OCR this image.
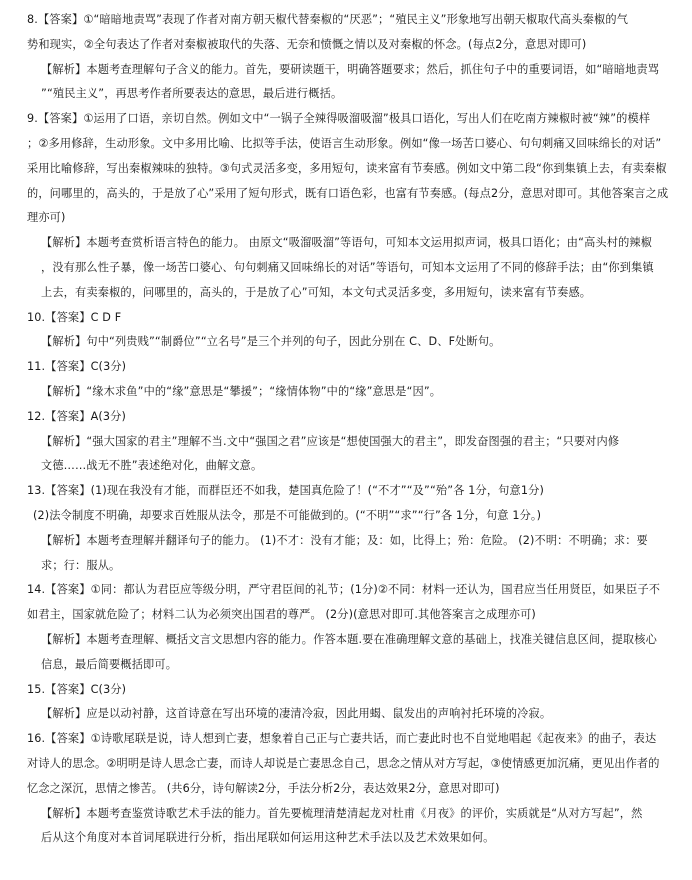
8.【答案】①“暗暗地责骂”表现了作者对南方朝天椒代替秦椒的“厌恶”；“殖民主义”形象地写出朝天椒取代高头秦椒的气
势和现实，②全句表达了作者对秦椒被取代的失落、无奈和愤慨之情以及对秦椒的怀念。(每点2分，意思对即可)
【解析】本题考查理解句子含义的能力。首先，要研读题干，明确答题要求；然后，抓住句子中的重要词语，如“暗暗地责骂
”“殖民主义”，再思考作者所要表达的意思，最后进行概括。
9.【答案】①运用了口语，亲切自然。例如文中“一锅子全辣得吸溜吸溜”极具口语化，写出人们在吃南方辣椒时被“辣”的模样
；②多用修辞，生动形象。文中多用比喻、比拟等手法，使语言生动形象。例如“像一场苦口婆心、句句刺痛又回味绵长的对话”
采用比喻修辞，写出秦椒辣味的独特。③句式灵活多变，多用短句，读来富有节奏感。例如文中第二段“你到集镇上去，有卖秦椒
的，问哪里的，高头的，于是放了心”采用了短句形式，既有口语色彩，也富有节奏感。(每点2分，意思对即可。其他答案言之成
理亦可)
【解析】本题考查赏析语言特色的能力。 由原文“吸溜吸溜”等语句，可知本文运用拟声词，极具口语化；由“高头村的辣椒
，没有那么性子暴，像一场苦口婆心、句句刺痛又回味绵长的对话”等语句，可知本文运用了不同的修辞手法；由“你到集镇
上去，有卖秦椒的，问哪里的，高头的，于是放了心”可知，本文句式灵活多变，多用短句，读来富有节奏感。
10.【答案】C D F
【解析】句中“列贵贱”“制爵位”“立名号”是三个并列的句子，因此分别在 C、D、F处断句。
11.【答案】C(3分)
【解析】“缘木求鱼”中的“缘”意思是“攀援”；“缘情体物”中的“缘”意思是“因”。
12.【答案】A(3分)
【解析】“强大国家的君主”理解不当.文中“强国之君”应该是“想使国强大的君主”，即发奋图强的君主；“只要对内修
文德……战无不胜”表述绝对化，曲解文意。
13.【答案】(1)现在我没有才能，而群臣还不如我，楚国真危险了！(“不才”“及”“殆”各 1分，句意1分)
(2)法令制度不明确，却要求百姓服从法令，那是不可能做到的。(“不明”“求”“行”各 1分，句意 1分。)
【解析】本题考查理解并翻译句子的能力。 (1)不才：没有才能；及：如，比得上；殆：危险。 (2)不明：不明确；求：要
求；行：服从。
14.【答案】①同：都认为君臣应等级分明，严守君臣间的礼节；(1分)②不同：材料一还认为，国君应当任用贤臣，如果臣子不
如君主，国家就危险了；材料二认为必须突出国君的尊严。 (2分)(意思对即可.其他答案言之成理亦可)
【解析】本题考查理解、概括文言文思想内容的能力。作答本题.要在准确理解文意的基础上，找准关键信息区间，提取核心
信息，最后简要概括即可。
15.【答案】C(3分)
【解析】应是以动衬静，这首诗意在写出环境的凄清冷寂，因此用蝎、鼠发出的声响衬托环境的冷寂。
16.【答案】①诗歌尾联是说，诗人想到亡妻，想象着自己正与亡妻共话，而亡妻此时也不自觉地唱起《起夜来》的曲子，表达
对诗人的思念。②明明是诗人思念亡妻，而诗人却说是亡妻思念自己，思念之情从对方写起，③使情感更加沉痛，更见出作者的
忆念之深沉，思情之惨苦。 (共6分，诗句解读2分，手法分析2分，表达效果2分，意思对即可)
【解析】本题考查鉴赏诗歌艺术手法的能力。首先要梳理清楚清起龙对杜甫《月夜》的评价，实质就是“从对方写起”，然
后从这个角度对本首词尾联进行分析，指出尾联如何运用这种艺术手法以及艺术效果如何。
